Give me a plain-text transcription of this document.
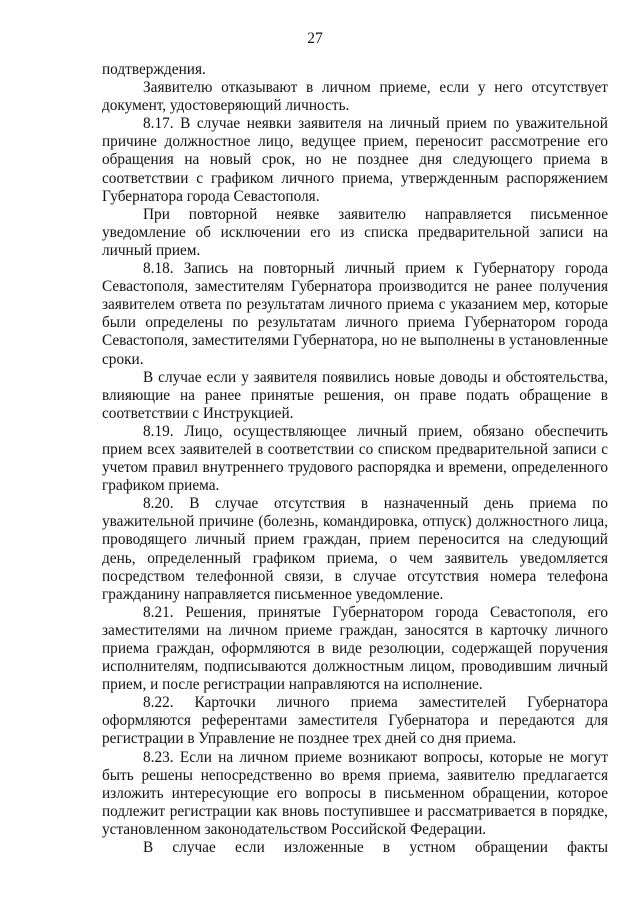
27

подтверждения.

Заявителю отказывают в личном приеме, если у него отсутствует документ, удостоверяющий личность.

8.17. В случае неявки заявителя на личный прием по уважительной причине должностное лицо, ведущее прием, переносит рассмотрение его обращения на новый срок, но не позднее дня следующего приема в соответствии с графиком личного приема, утвержденным распоряжением Губернатора города Севастополя.

При повторной неявке заявителю направляется письменное уведомление об исключении его из списка предварительной записи на личный прием.

8.18. Запись на повторный личный прием к Губернатору города Севастополя, заместителям Губернатора производится не ранее получения заявителем ответа по результатам личного приема с указанием мер, которые были определены по результатам личного приема Губернатором города Севастополя, заместителями Губернатора, но не выполнены в установленные сроки.

В случае если у заявителя появились новые доводы и обстоятельства, влияющие на ранее принятые решения, он праве подать обращение в соответствии с Инструкцией.

8.19. Лицо, осуществляющее личный прием, обязано обеспечить прием всех заявителей в соответствии со списком предварительной записи с учетом правил внутреннего трудового распорядка и времени, определенного графиком приема.

8.20. В случае отсутствия в назначенный день приема по уважительной причине (болезнь, командировка, отпуск) должностного лица, проводящего личный прием граждан, прием переносится на следующий день, определенный графиком приема, о чем заявитель уведомляется посредством телефонной связи, в случае отсутствия номера телефона гражданину направляется письменное уведомление.

8.21. Решения, принятые Губернатором города Севастополя, его заместителями на личном приеме граждан, заносятся в карточку личного приема граждан, оформляются в виде резолюции, содержащей поручения исполнителям, подписываются должностным лицом, проводившим личный прием, и после регистрации направляются на исполнение.

8.22. Карточки личного приема заместителей Губернатора оформляются референтами заместителя Губернатора и передаются для регистрации в Управление не позднее трех дней со дня приема.

8.23. Если на личном приеме возникают вопросы, которые не могут быть решены непосредственно во время приема, заявителю предлагается изложить интересующие его вопросы в письменном обращении, которое подлежит регистрации как вновь поступившее и рассматривается в порядке, установленном законодательством Российской Федерации.

В случае если изложенные в устном обращении факты
